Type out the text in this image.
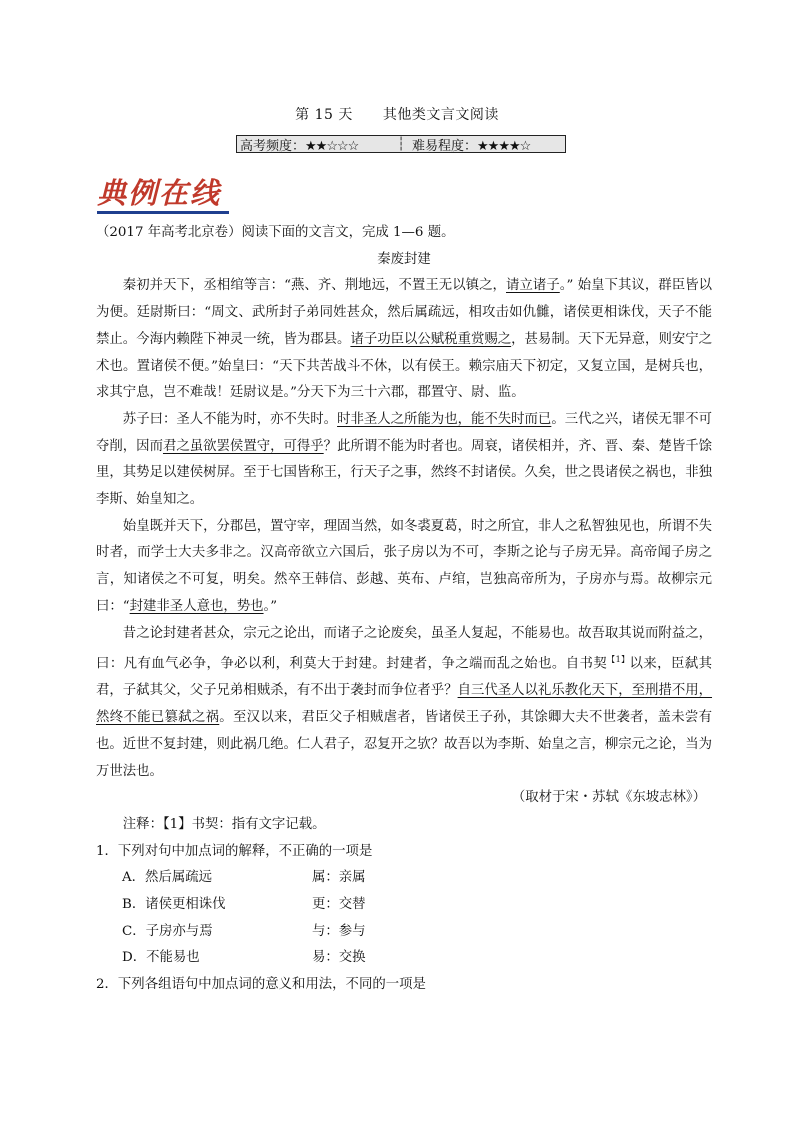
第 15 天 其他类文言文阅读
高考频度：★★☆☆☆	┆ 难易程度：★★★★☆
典例在线

（2017 年高考北京卷）阅读下面的文言文，完成 1—6 题。

秦废封建

秦初并天下，丞相绾等言：“燕、齐、荆地远，不置王无以镇之，请立诸子。” 始皇下其议，群臣皆以为便。廷尉斯曰：“周文、武所封子弟同姓甚众，然后属疏远，相攻击如仇雠，诸侯更相诛伐，天子不能禁止。今海内赖陛下神灵一统，皆为郡县。诸子功臣以公赋税重赏赐之，甚易制。天下无异意，则安宁之术也。置诸侯不便。”始皇曰：“天下共苦战斗不休，以有侯王。赖宗庙天下初定，又复立国，是树兵也，求其宁息，岂不难哉！廷尉议是。”分天下为三十六郡，郡置守、尉、监。

苏子曰：圣人不能为时，亦不失时。时非圣人之所能为也，能不失时而已。三代之兴，诸侯无罪不可夺削，因而君之虽欲罢侯置守，可得乎？此所谓不能为时者也。周衰，诸侯相并，齐、晋、秦、楚皆千馀里，其势足以建侯树屏。至于七国皆称王，行天子之事，然终不封诸侯。久矣，世之畏诸侯之祸也，非独李斯、始皇知之。

始皇既并天下，分郡邑，置守宰，理固当然，如冬裘夏葛，时之所宜，非人之私智独见也，所谓不失时者，而学士大夫多非之。汉高帝欲立六国后，张子房以为不可，李斯之论与子房无异。高帝闻子房之言，知诸侯之不可复，明矣。然卒王韩信、彭越、英布、卢绾，岂独高帝所为，子房亦与焉。故柳宗元曰：“封建非圣人意也，势也。”

昔之论封建者甚众，宗元之论出，而诸子之论废矣，虽圣人复起，不能易也。故吾取其说而附益之，曰：凡有血气必争，争必以利，利莫大于封建。封建者，争之端而乱之始也。自书契$^{【1】}$以来，臣弑其君，子弑其父，父子兄弟相贼杀，有不出于袭封而争位者乎？自三代圣人以礼乐教化天下，至刑措不用，然终不能已篡弑之祸。至汉以来，君臣父子相贼虐者，皆诸侯王子孙，其馀卿大夫不世袭者，盖未尝有也。近世不复封建，则此祸几绝。仁人君子，忍复开之欤？故吾以为李斯、始皇之言，柳宗元之论，当为万世法也。

（取材于宋・苏轼《东坡志林》）

注释：【1】书契：指有文字记载。

1．下列对句中加点词的解释，不正确的一项是

A．然后属疏远	属：亲属
B．诸侯更相诛伐	更：交替
C．子房亦与焉	与：参与
D．不能易也	易：交换

2．下列各组语句中加点词的意义和用法，不同的一项是
